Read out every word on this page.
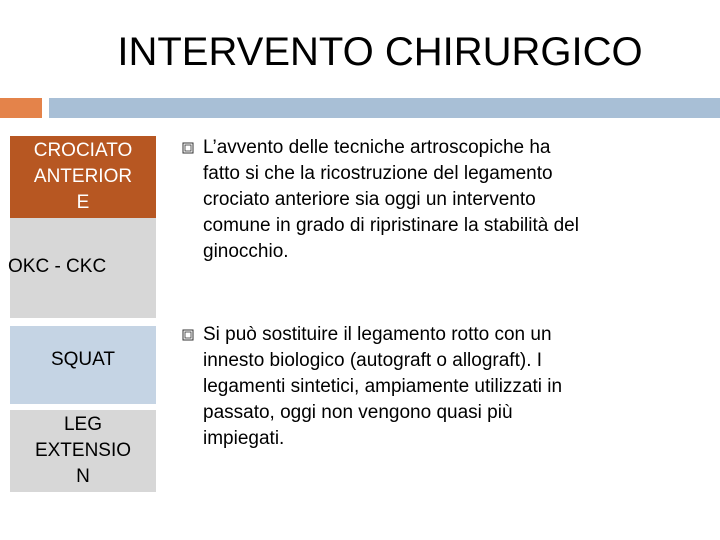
INTERVENTO CHIRURGICO
CROCIATO
ANTERIOR
E
OKC - CKC
SQUAT
LEG
EXTENSIO
N
L’avvento delle tecniche artroscopiche ha
fatto si che la ricostruzione del legamento
crociato anteriore sia oggi un intervento
comune in grado di ripristinare la stabilità del
ginocchio.
Si può sostituire il legamento rotto con un
innesto biologico (autograft o allograft). I
legamenti sintetici, ampiamente utilizzati in
passato, oggi non vengono quasi più
impiegati.
